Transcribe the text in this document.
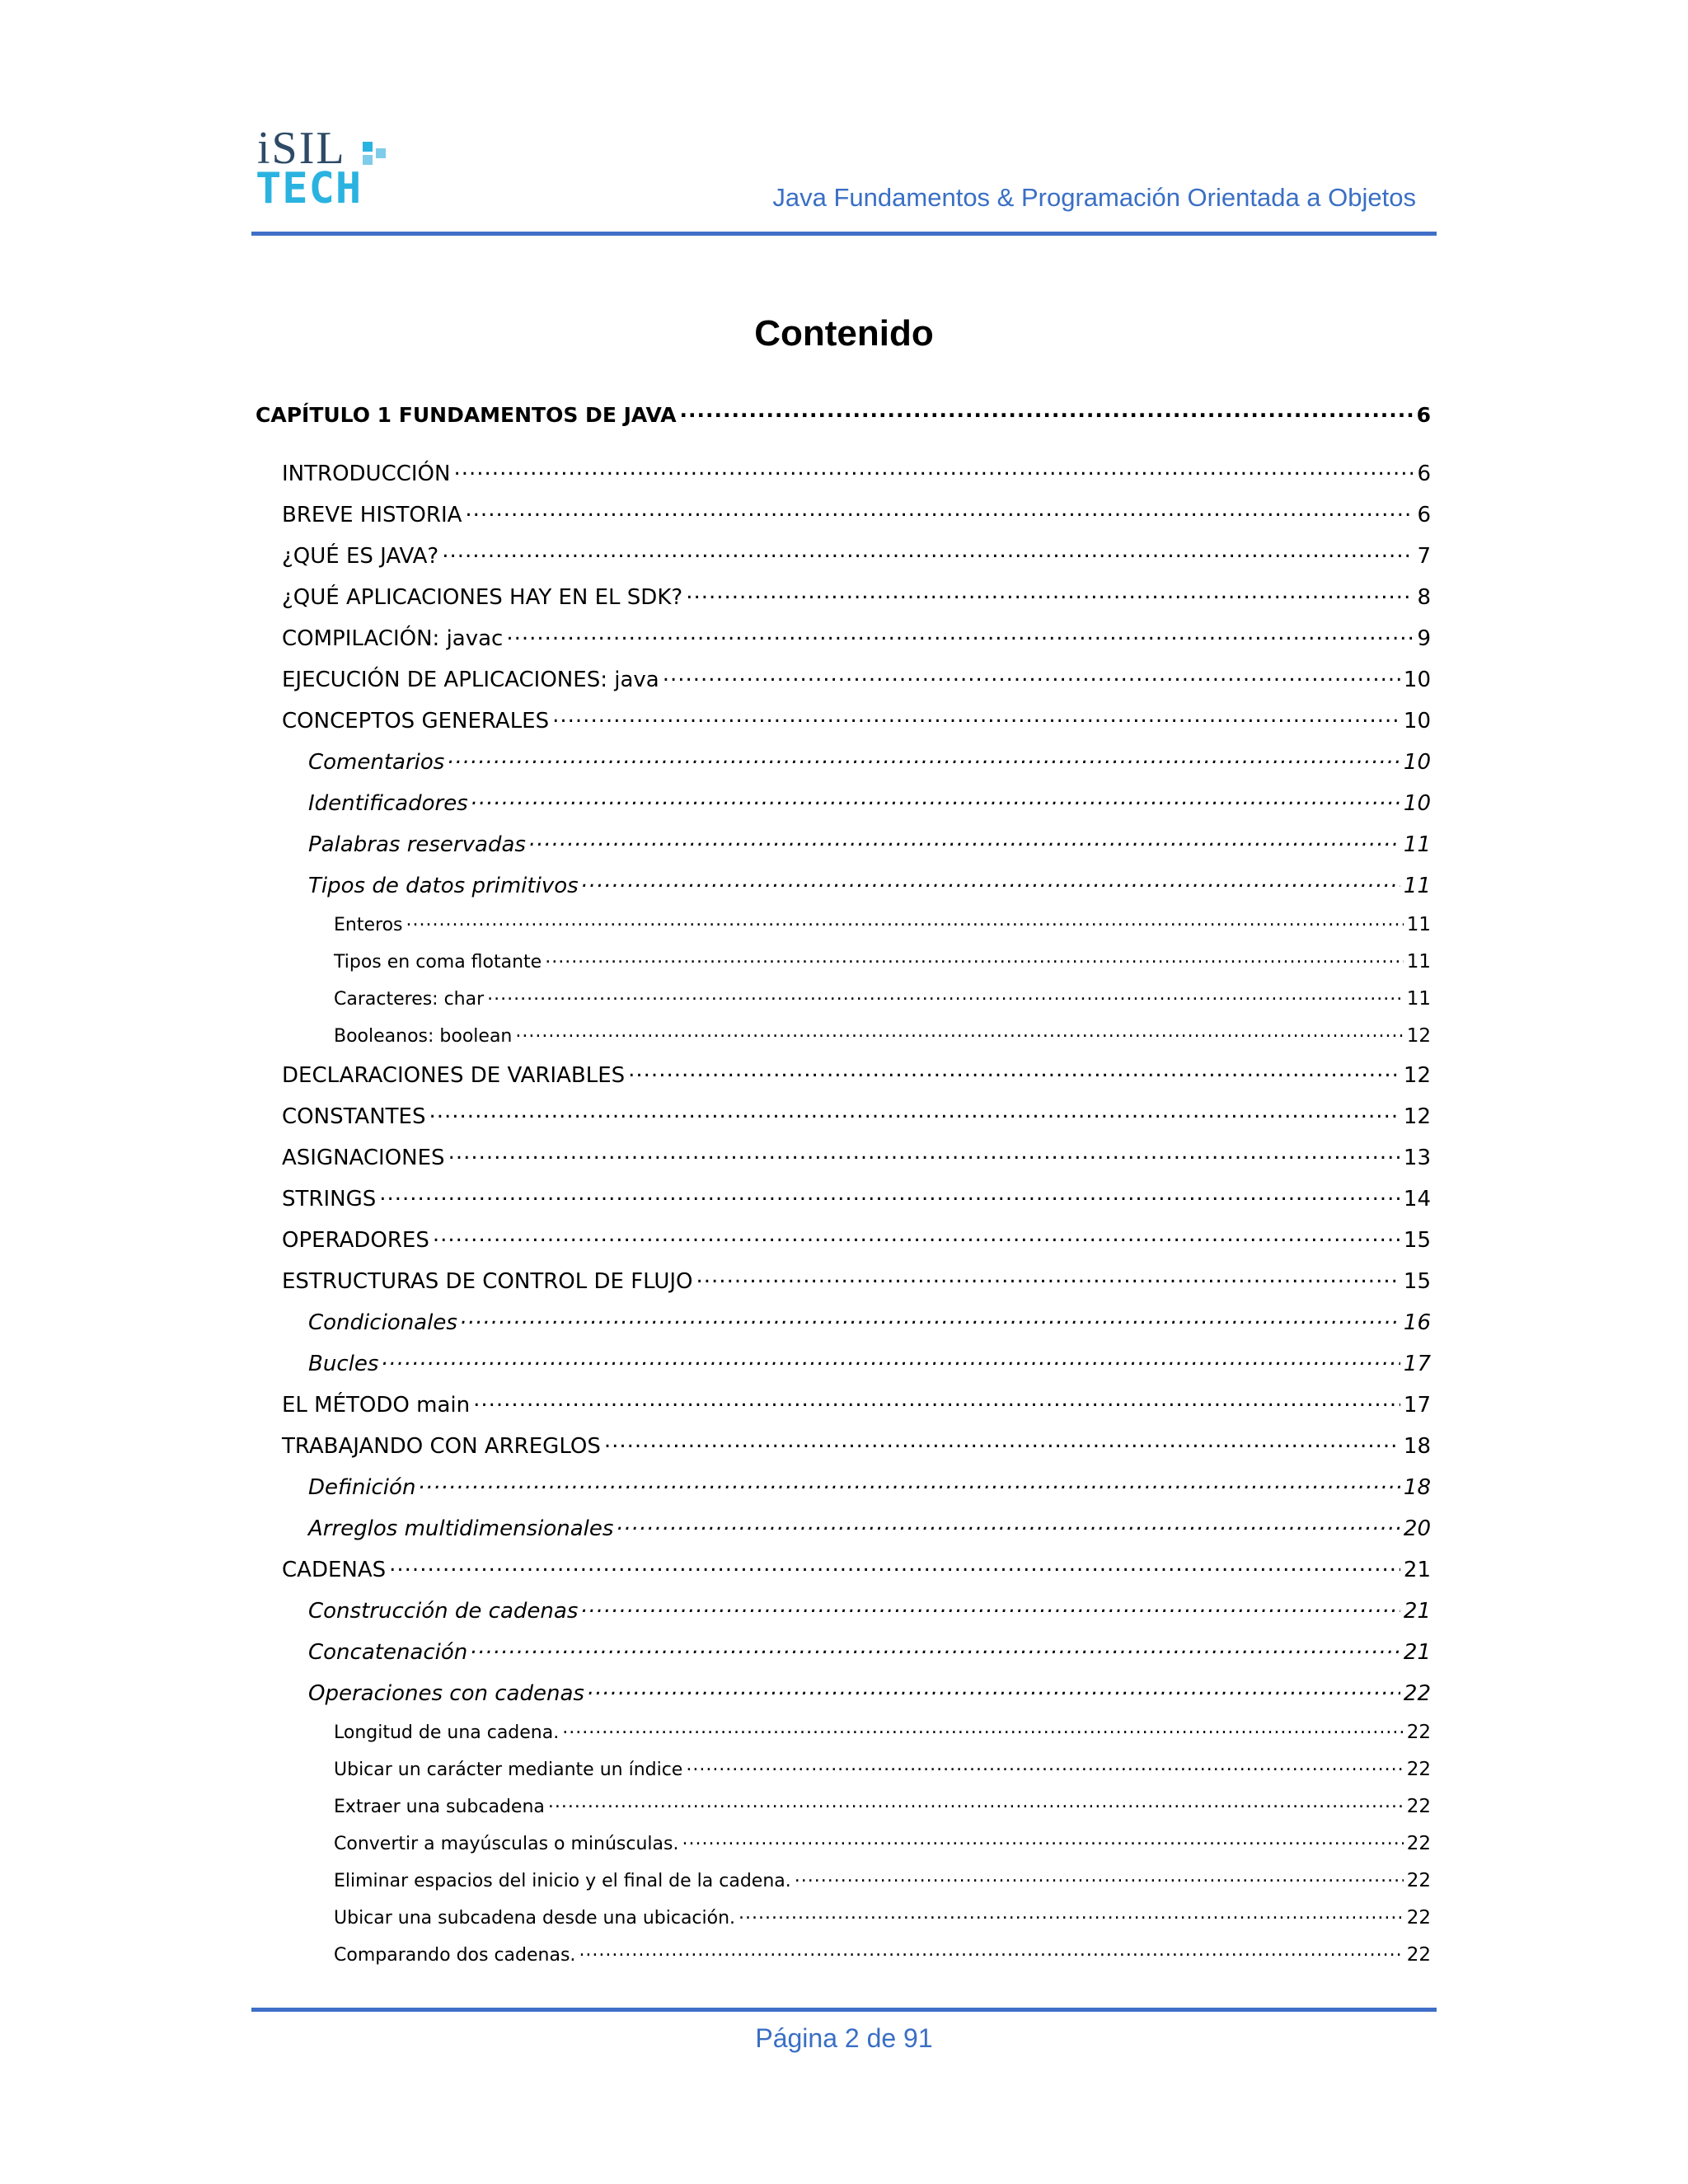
iSIL
TECH	Java Fundamentos & Programación Orientada a Objetos
Contenido
CAPÍTULO 1 FUNDAMENTOS DE JAVA .....	6
INTRODUCCIÓN .....	6
BREVE HISTORIA .....	6
¿QUÉ ES JAVA? .....	7
¿QUÉ APLICACIONES HAY EN EL SDK? .....	8
COMPILACIÓN: javac .....	9
EJECUCIÓN DE APLICACIONES: java .....	10
CONCEPTOS GENERALES .....	10
Comentarios .....	10
Identificadores .....	10
Palabras reservadas .....	11
Tipos de datos primitivos .....	11
Enteros .....	11
Tipos en coma flotante .....	11
Caracteres: char .....	11
Booleanos: boolean .....	12
DECLARACIONES DE VARIABLES .....	12
CONSTANTES .....	12
ASIGNACIONES .....	13
STRINGS .....	14
OPERADORES .....	15
ESTRUCTURAS DE CONTROL DE FLUJO .....	15
Condicionales .....	16
Bucles .....	17
EL MÉTODO main .....	17
TRABAJANDO CON ARREGLOS .....	18
Definición .....	18
Arreglos multidimensionales .....	20
CADENAS .....	21
Construcción de cadenas .....	21
Concatenación .....	21
Operaciones con cadenas .....	22
Longitud de una cadena. .....	22
Ubicar un carácter mediante un índice .....	22
Extraer una subcadena .....	22
Convertir a mayúsculas o minúsculas. .....	22
Eliminar espacios del inicio y el final de la cadena. .....	22
Ubicar una subcadena desde una ubicación. .....	22
Comparando dos cadenas. .....	22
Página 2 de 91
